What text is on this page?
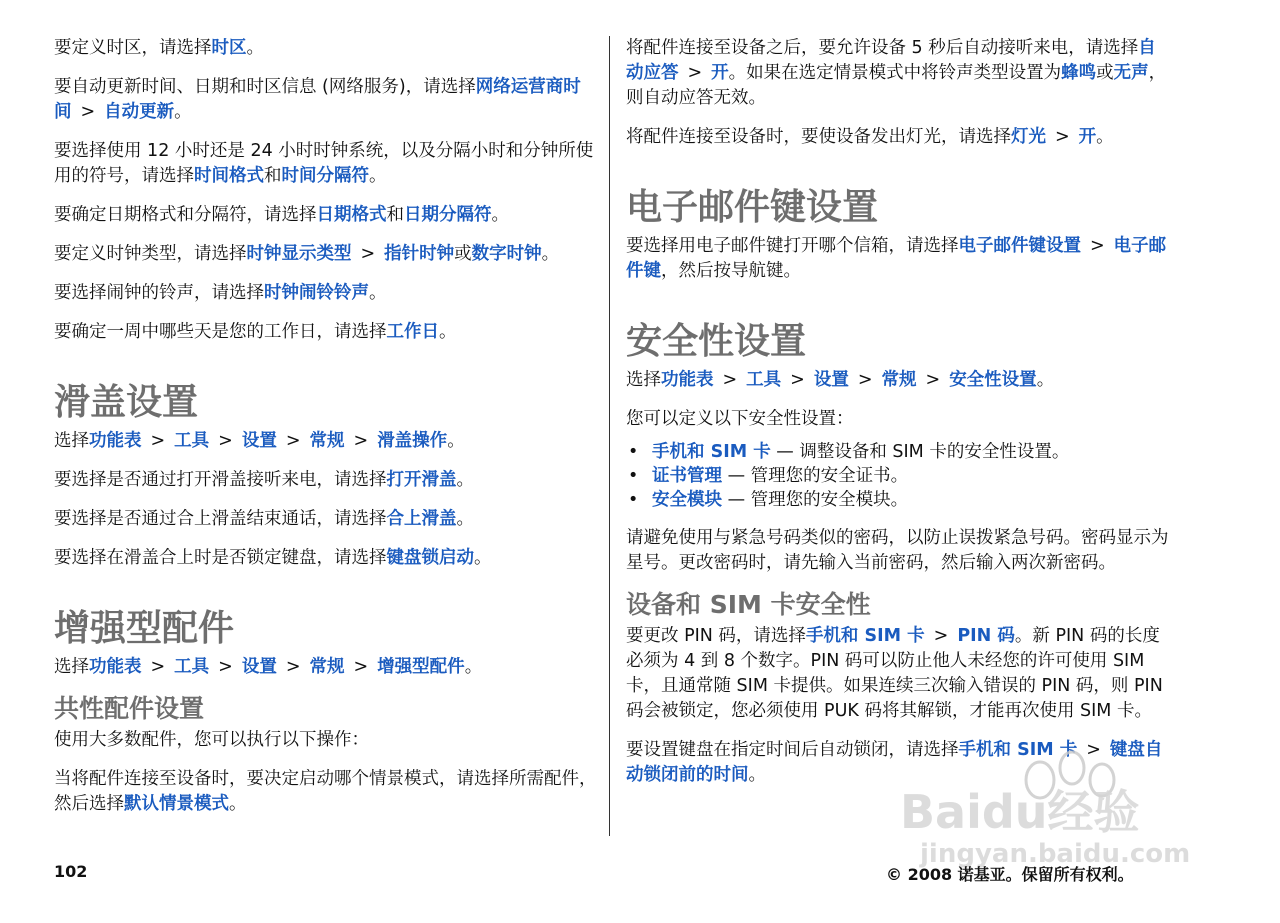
要定义时区，请选择时区。

要自动更新时间、日期和时区信息 (网络服务)，请选择网络运营商时间 > 自动更新。

要选择使用 12 小时还是 24 小时时钟系统，以及分隔小时和分钟所使用的符号，请选择时间格式和时间分隔符。

要确定日期格式和分隔符，请选择日期格式和日期分隔符。

要定义时钟类型，请选择时钟显示类型 > 指针时钟或数字时钟。

要选择闹钟的铃声，请选择时钟闹铃铃声。

要确定一周中哪些天是您的工作日，请选择工作日。

滑盖设置

选择功能表 > 工具 > 设置 > 常规 > 滑盖操作。

要选择是否通过打开滑盖接听来电，请选择打开滑盖。

要选择是否通过合上滑盖结束通话，请选择合上滑盖。

要选择在滑盖合上时是否锁定键盘，请选择键盘锁启动。

增强型配件

选择功能表 > 工具 > 设置 > 常规 > 增强型配件。

共性配件设置

使用大多数配件，您可以执行以下操作：

当将配件连接至设备时，要决定启动哪个情景模式，请选择所需配件，然后选择默认情景模式。

将配件连接至设备之后，要允许设备 5 秒后自动接听来电，请选择自动应答 > 开。如果在选定情景模式中将铃声类型设置为蜂鸣或无声，则自动应答无效。

将配件连接至设备时，要使设备发出灯光，请选择灯光 > 开。

电子邮件键设置

要选择用电子邮件键打开哪个信箱，请选择电子邮件键设置 > 电子邮件键，然后按导航键。

安全性设置

选择功能表 > 工具 > 设置 > 常规 > 安全性设置。

您可以定义以下安全性设置：

• 手机和 SIM 卡 — 调整设备和 SIM 卡的安全性设置。
• 证书管理 — 管理您的安全证书。
• 安全模块 — 管理您的安全模块。

请避免使用与紧急号码类似的密码，以防止误拨紧急号码。密码显示为星号。更改密码时，请先输入当前密码，然后输入两次新密码。

设备和 SIM 卡安全性

要更改 PIN 码，请选择手机和 SIM 卡 > PIN 码。新 PIN 码的长度必须为 4 到 8 个数字。PIN 码可以防止他人未经您的许可使用 SIM 卡，且通常随 SIM 卡提供。如果连续三次输入错误的 PIN 码，则 PIN 码会被锁定，您必须使用 PUK 码将其解锁，才能再次使用 SIM 卡。

要设置键盘在指定时间后自动锁闭，请选择手机和 SIM 卡 > 键盘自动锁闭前的时间。

Baidu经验
jingyan.baidu.com
102	© 2008 诺基亚。保留所有权利。
